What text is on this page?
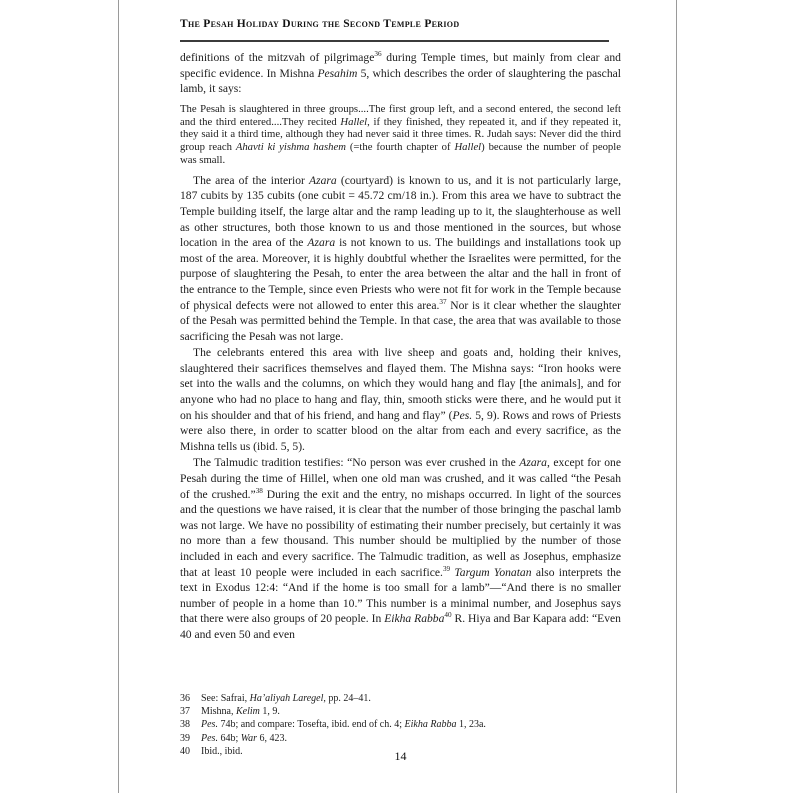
The Pesah Holiday During the Second Temple Period

definitions of the mitzvah of pilgrimage$^{36}$ during Temple times, but mainly from clear and specific evidence. In Mishna Pesahim 5, which describes the order of slaughtering the paschal lamb, it says:

The Pesah is slaughtered in three groups....The first group left, and a second entered, the second left and the third entered....They recited Hallel, if they finished, they repeated it, and if they repeated it, they said it a third time, although they had never said it three times. R. Judah says: Never did the third group reach Ahavti ki yishma hashem (=the fourth chapter of Hallel) because the number of people was small.

The area of the interior Azara (courtyard) is known to us, and it is not particularly large, 187 cubits by 135 cubits (one cubit = 45.72 cm/18 in.). From this area we have to subtract the Temple building itself, the large altar and the ramp leading up to it, the slaughterhouse as well as other structures, both those known to us and those mentioned in the sources, but whose location in the area of the Azara is not known to us. The buildings and installations took up most of the area. Moreover, it is highly doubtful whether the Israelites were permitted, for the purpose of slaughtering the Pesah, to enter the area between the altar and the hall in front of the entrance to the Temple, since even Priests who were not fit for work in the Temple because of physical defects were not allowed to enter this area.$^{37}$ Nor is it clear whether the slaughter of the Pesah was permitted behind the Temple. In that case, the area that was available to those sacrificing the Pesah was not large.

The celebrants entered this area with live sheep and goats and, holding their knives, slaughtered their sacrifices themselves and flayed them. The Mishna says: “Iron hooks were set into the walls and the columns, on which they would hang and flay [the animals], and for anyone who had no place to hang and flay, thin, smooth sticks were there, and he would put it on his shoulder and that of his friend, and hang and flay” (Pes. 5, 9). Rows and rows of Priests were also there, in order to scatter blood on the altar from each and every sacrifice, as the Mishna tells us (ibid. 5, 5).

The Talmudic tradition testifies: “No person was ever crushed in the Azara, except for one Pesah during the time of Hillel, when one old man was crushed, and it was called “the Pesah of the crushed.”$^{38}$ During the exit and the entry, no mishaps occurred. In light of the sources and the questions we have raised, it is clear that the number of those bringing the paschal lamb was not large. We have no possibility of estimating their number precisely, but certainly it was no more than a few thousand. This number should be multiplied by the number of those included in each and every sacrifice. The Talmudic tradition, as well as Josephus, emphasize that at least 10 people were included in each sacrifice.$^{39}$ Targum Yonatan also interprets the text in Exodus 12:4: “And if the home is too small for a lamb”—“And there is no smaller number of people in a home than 10.” This number is a minimal number, and Josephus says that there were also groups of 20 people. In Eikha Rabba$^{40}$ R. Hiya and Bar Kapara add: “Even 40 and even 50 and even

36	See: Safrai, Ha’aliyah Laregel, pp. 24–41.
37	Mishna, Kelim 1, 9.
38	Pes. 74b; and compare: Tosefta, ibid. end of ch. 4; Eikha Rabba 1, 23a.
39	Pes. 64b; War 6, 423.
40	Ibid., ibid.	14
